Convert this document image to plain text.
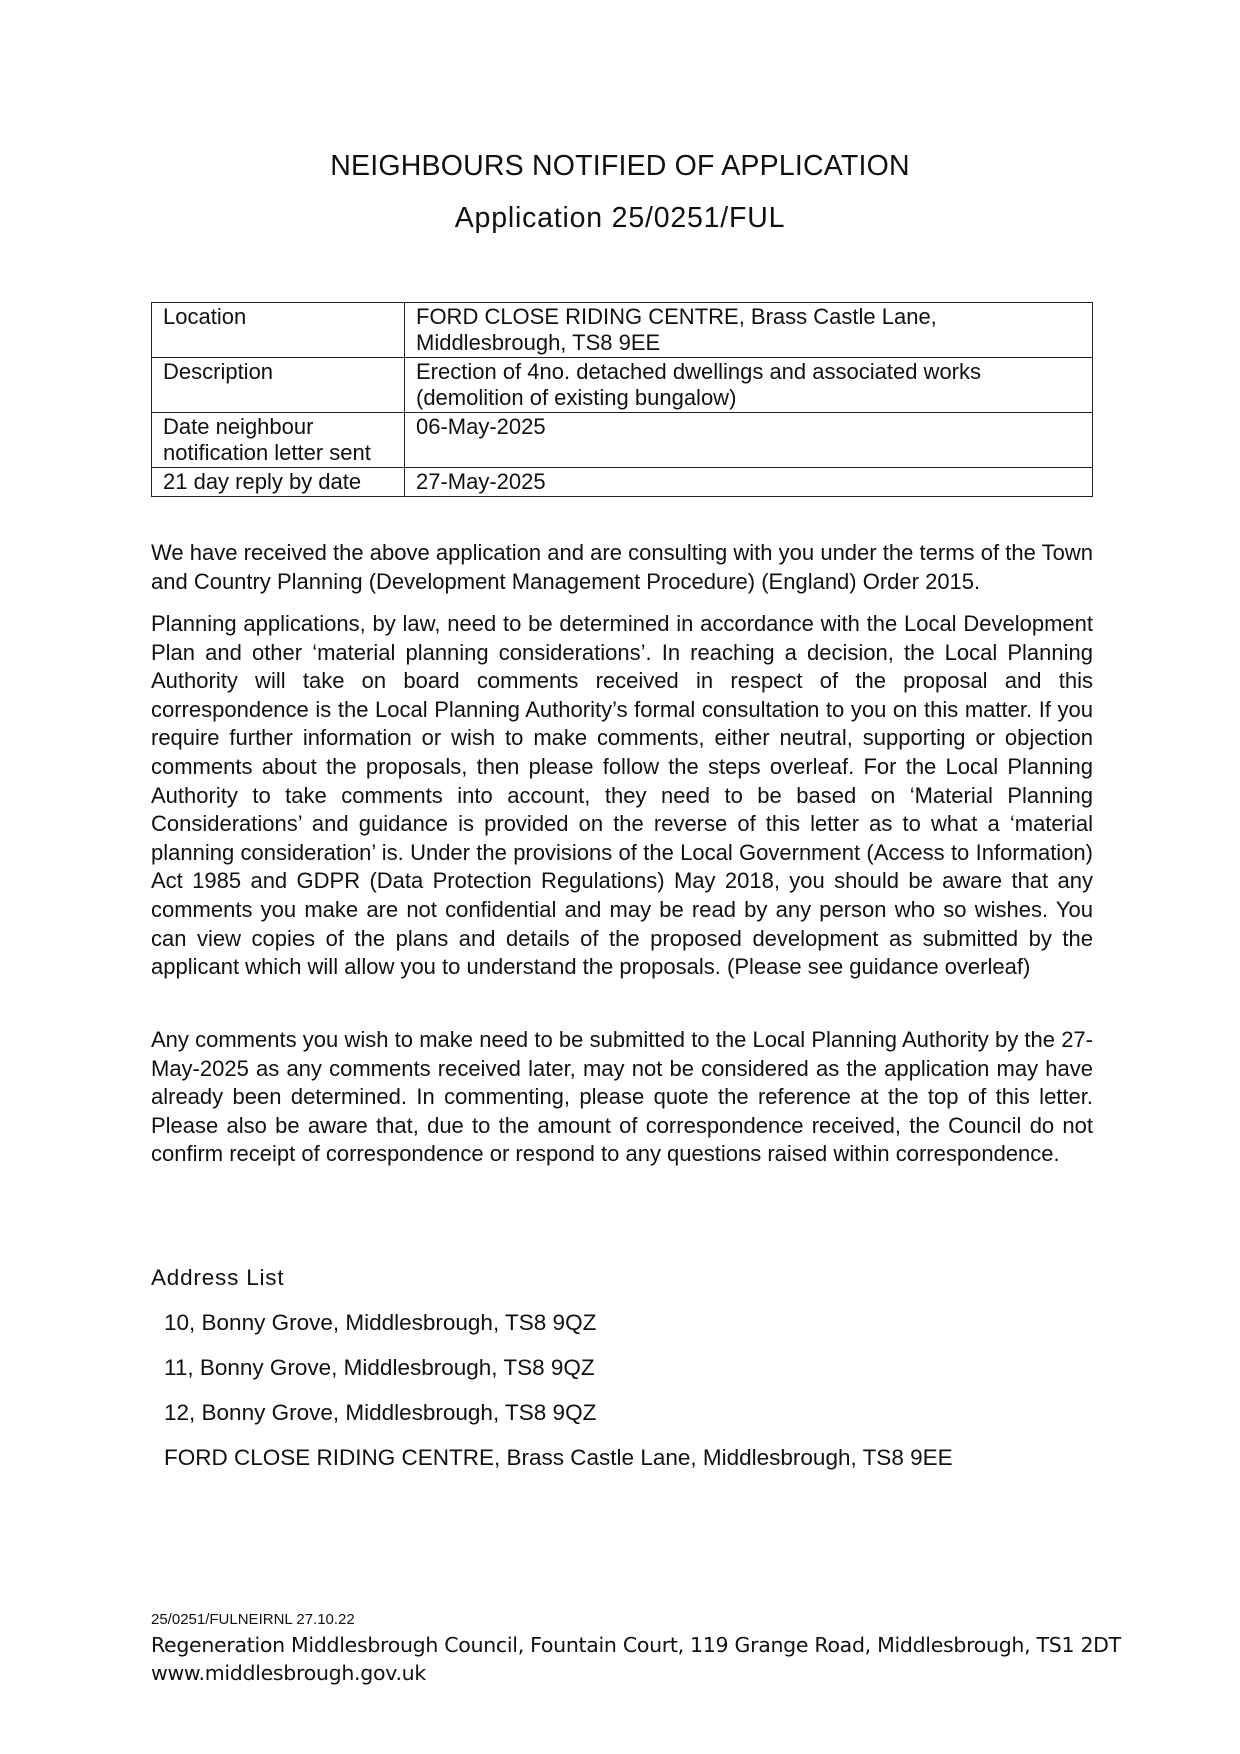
NEIGHBOURS NOTIFIED OF APPLICATION
Application 25/0251/FUL
Location	FORD CLOSE RIDING CENTRE, Brass Castle Lane, Middlesbrough, TS8 9EE
Description	Erection of 4no. detached dwellings and associated works (demolition of existing bungalow)
Date neighbour notification letter sent	06-May-2025
21 day reply by date	27-May-2025

We have received the above application and are consulting with you under the terms of the Town and Country Planning (Development Management Procedure) (England) Order 2015.

Planning applications, by law, need to be determined in accordance with the Local Development Plan and other ‘material planning considerations’. In reaching a decision, the Local Planning Authority will take on board comments received in respect of the proposal and this correspondence is the Local Planning Authority’s formal consultation to you on this matter. If you require further information or wish to make comments, either neutral, supporting or objection comments about the proposals, then please follow the steps overleaf. For the Local Planning Authority to take comments into account, they need to be based on ‘Material Planning Considerations’ and guidance is provided on the reverse of this letter as to what a ‘material planning consideration’ is. Under the provisions of the Local Government (Access to Information) Act 1985 and GDPR (Data Protection Regulations) May 2018, you should be aware that any comments you make are not confidential and may be read by any person who so wishes. You can view copies of the plans and details of the proposed development as submitted by the applicant which will allow you to understand the proposals. (Please see guidance overleaf)

Any comments you wish to make need to be submitted to the Local Planning Authority by the 27-May-2025 as any comments received later, may not be considered as the application may have already been determined. In commenting, please quote the reference at the top of this letter. Please also be aware that, due to the amount of correspondence received, the Council do not confirm receipt of correspondence or respond to any questions raised within correspondence.

Address List
10, Bonny Grove, Middlesbrough, TS8 9QZ
11, Bonny Grove, Middlesbrough, TS8 9QZ
12, Bonny Grove, Middlesbrough, TS8 9QZ
FORD CLOSE RIDING CENTRE, Brass Castle Lane, Middlesbrough, TS8 9EE
25/0251/FULNEIRNL 27.10.22
Regeneration Middlesbrough Council, Fountain Court, 119 Grange Road, Middlesbrough, TS1 2DT
www.middlesbrough.gov.uk
